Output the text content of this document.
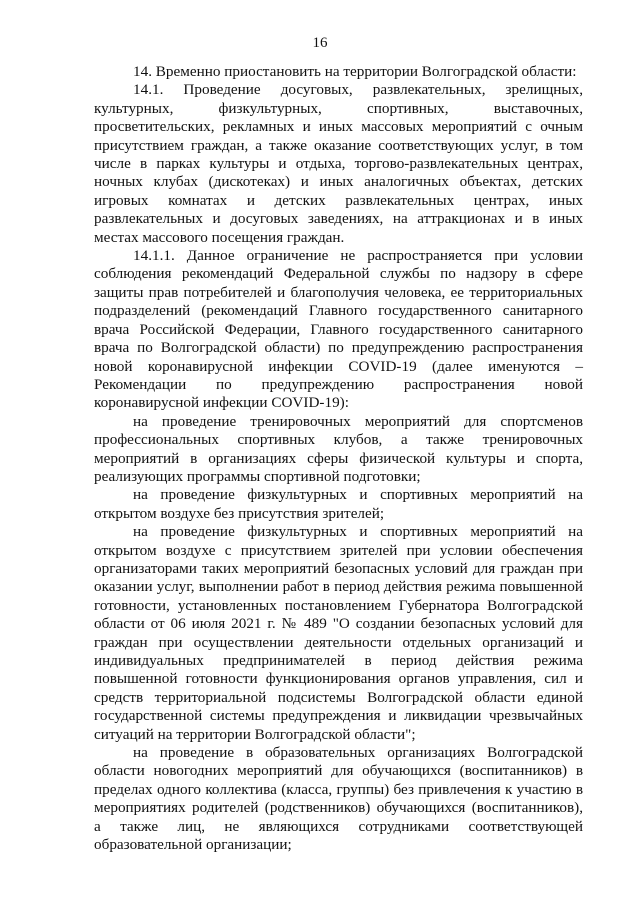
16

14. Временно приостановить на территории Волгоградской области:

14.1. Проведение досуговых, развлекательных, зрелищных, культурных, физкультурных, спортивных, выставочных, просветительских, рекламных и иных массовых мероприятий с очным присутствием граждан, а также оказание соответствующих услуг, в том числе в парках культуры и отдыха, торгово-развлекательных центрах, ночных клубах (дискотеках) и иных аналогичных объектах, детских игровых комнатах и детских развлекательных центрах, иных развлекательных и досуговых заведениях, на аттракционах и в иных местах массового посещения граждан.

14.1.1. Данное ограничение не распространяется при условии соблюдения рекомендаций Федеральной службы по надзору в сфере защиты прав потребителей и благополучия человека, ее территориальных подразделений (рекомендаций Главного государственного санитарного врача Российской Федерации, Главного государственного санитарного врача по Волгоградской области) по предупреждению распространения новой коронавирусной инфекции COVID-19 (далее именуются – Рекомендации по предупреждению распространения новой коронавирусной инфекции COVID-19):

на проведение тренировочных мероприятий для спортсменов профессиональных спортивных клубов, а также тренировочных мероприятий в организациях сферы физической культуры и спорта, реализующих программы спортивной подготовки;

на проведение физкультурных и спортивных мероприятий на открытом воздухе без присутствия зрителей;

на проведение физкультурных и спортивных мероприятий на открытом воздухе с присутствием зрителей при условии обеспечения организаторами таких мероприятий безопасных условий для граждан при оказании услуг, выполнении работ в период действия режима повышенной готовности, установленных постановлением Губернатора Волгоградской области от 06 июля 2021 г. № 489 "О создании безопасных условий для граждан при осуществлении деятельности отдельных организаций и индивидуальных предпринимателей в период действия режима повышенной готовности функционирования органов управления, сил и средств территориальной подсистемы Волгоградской области единой государственной системы предупреждения и ликвидации чрезвычайных ситуаций на территории Волгоградской области";

на проведение в образовательных организациях Волгоградской области новогодних мероприятий для обучающихся (воспитанников) в пределах одного коллектива (класса, группы) без привлечения к участию в мероприятиях родителей (родственников) обучающихся (воспитанников), а также лиц, не являющихся сотрудниками соответствующей образовательной организации;
